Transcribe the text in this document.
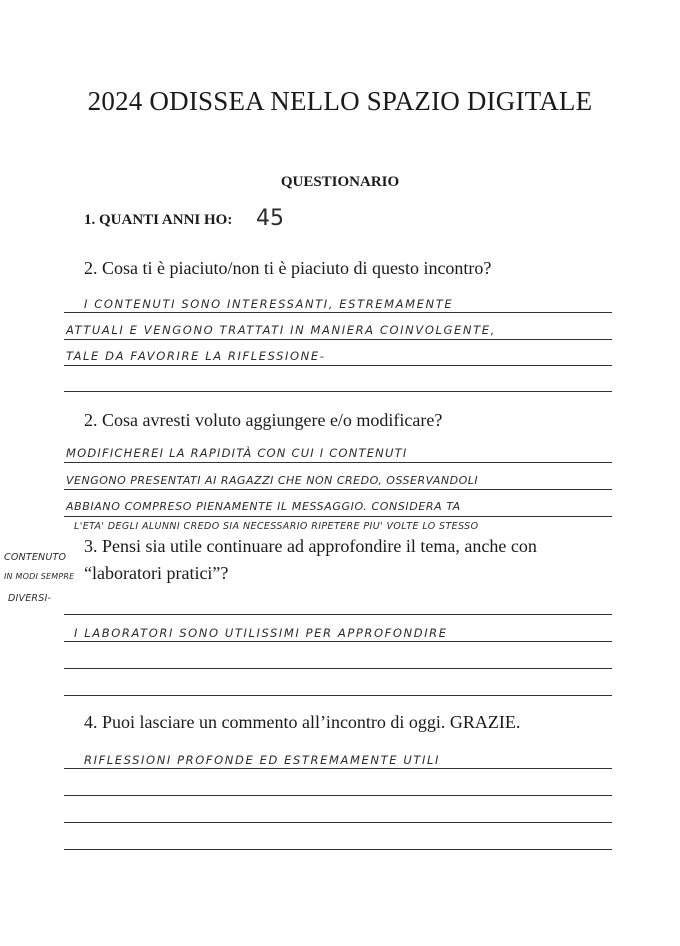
2024 ODISSEA NELLO SPAZIO DIGITALE
QUESTIONARIO
1. QUANTI ANNI HO: 45
2. Cosa ti è piaciuto/non ti è piaciuto di questo incontro?
I CONTENUTI SONO INTERESSANTI, ESTREMAMENTE
ATTUALI E VENGONO TRATTATI IN MANIERA COINVOLGENTE,
TALE DA FAVORIRE LA RIFLESSIONE-
2. Cosa avresti voluto aggiungere e/o modificare?
MODIFICHEREI LA RAPIDITÀ CON CUI I CONTENUTI
VENGONO PRESENTATI AI RAGAZZI CHE NON CREDO, OSSERVANDOLI
ABBIANO COMPRESO PIENAMENTE IL MESSAGGIO. CONSIDERA TA
L'ETA' DEGLI ALUNNI CREDO SIA NECESSARIO RIPETERE PIU' VOLTE LO STESSO
CONTENUTO
IN MODI SEMPRE
DIVERSI-
3. Pensi sia utile continuare ad approfondire il tema, anche con
“laboratori pratici”?
I LABORATORI SONO UTILISSIMI PER APPROFONDIRE
4. Puoi lasciare un commento all’incontro di oggi. GRAZIE.
RIFLESSIONI PROFONDE ED ESTREMAMENTE UTILI
